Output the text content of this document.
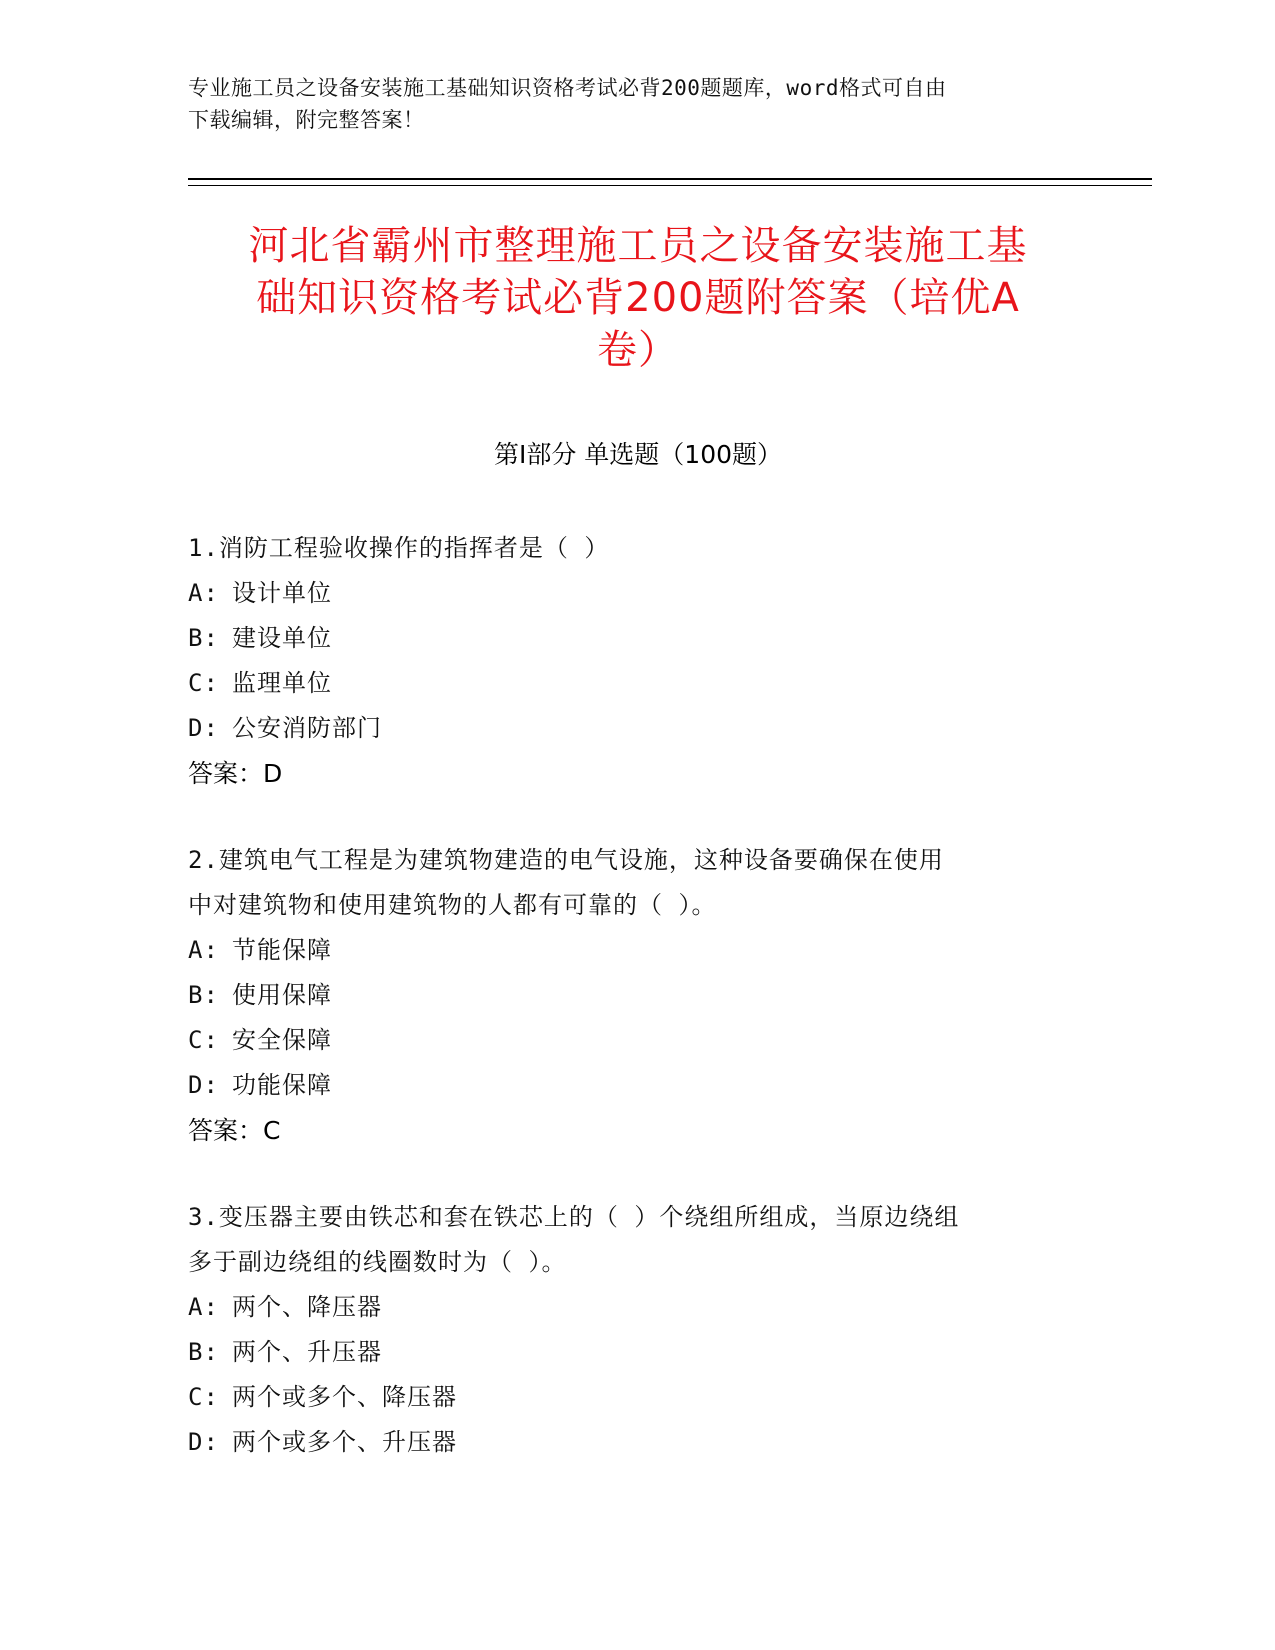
专业施工员之设备安装施工基础知识资格考试必背200题题库，word格式可自由
下载编辑，附完整答案！
河北省霸州市整理施工员之设备安装施工基
础知识资格考试必背200题附答案（培优A
卷）
第Ⅰ部分 单选题（100题）
1.消防工程验收操作的指挥者是（ ）
A: 设计单位
B: 建设单位
C: 监理单位
D: 公安消防部门
答案：D
2.建筑电气工程是为建筑物建造的电气设施，这种设备要确保在使用
中对建筑物和使用建筑物的人都有可靠的（ ）。
A: 节能保障
B: 使用保障
C: 安全保障
D: 功能保障
答案：C
3.变压器主要由铁芯和套在铁芯上的（ ）个绕组所组成，当原边绕组
多于副边绕组的线圈数时为（ ）。
A: 两个、降压器
B: 两个、升压器
C: 两个或多个、降压器
D: 两个或多个、升压器
